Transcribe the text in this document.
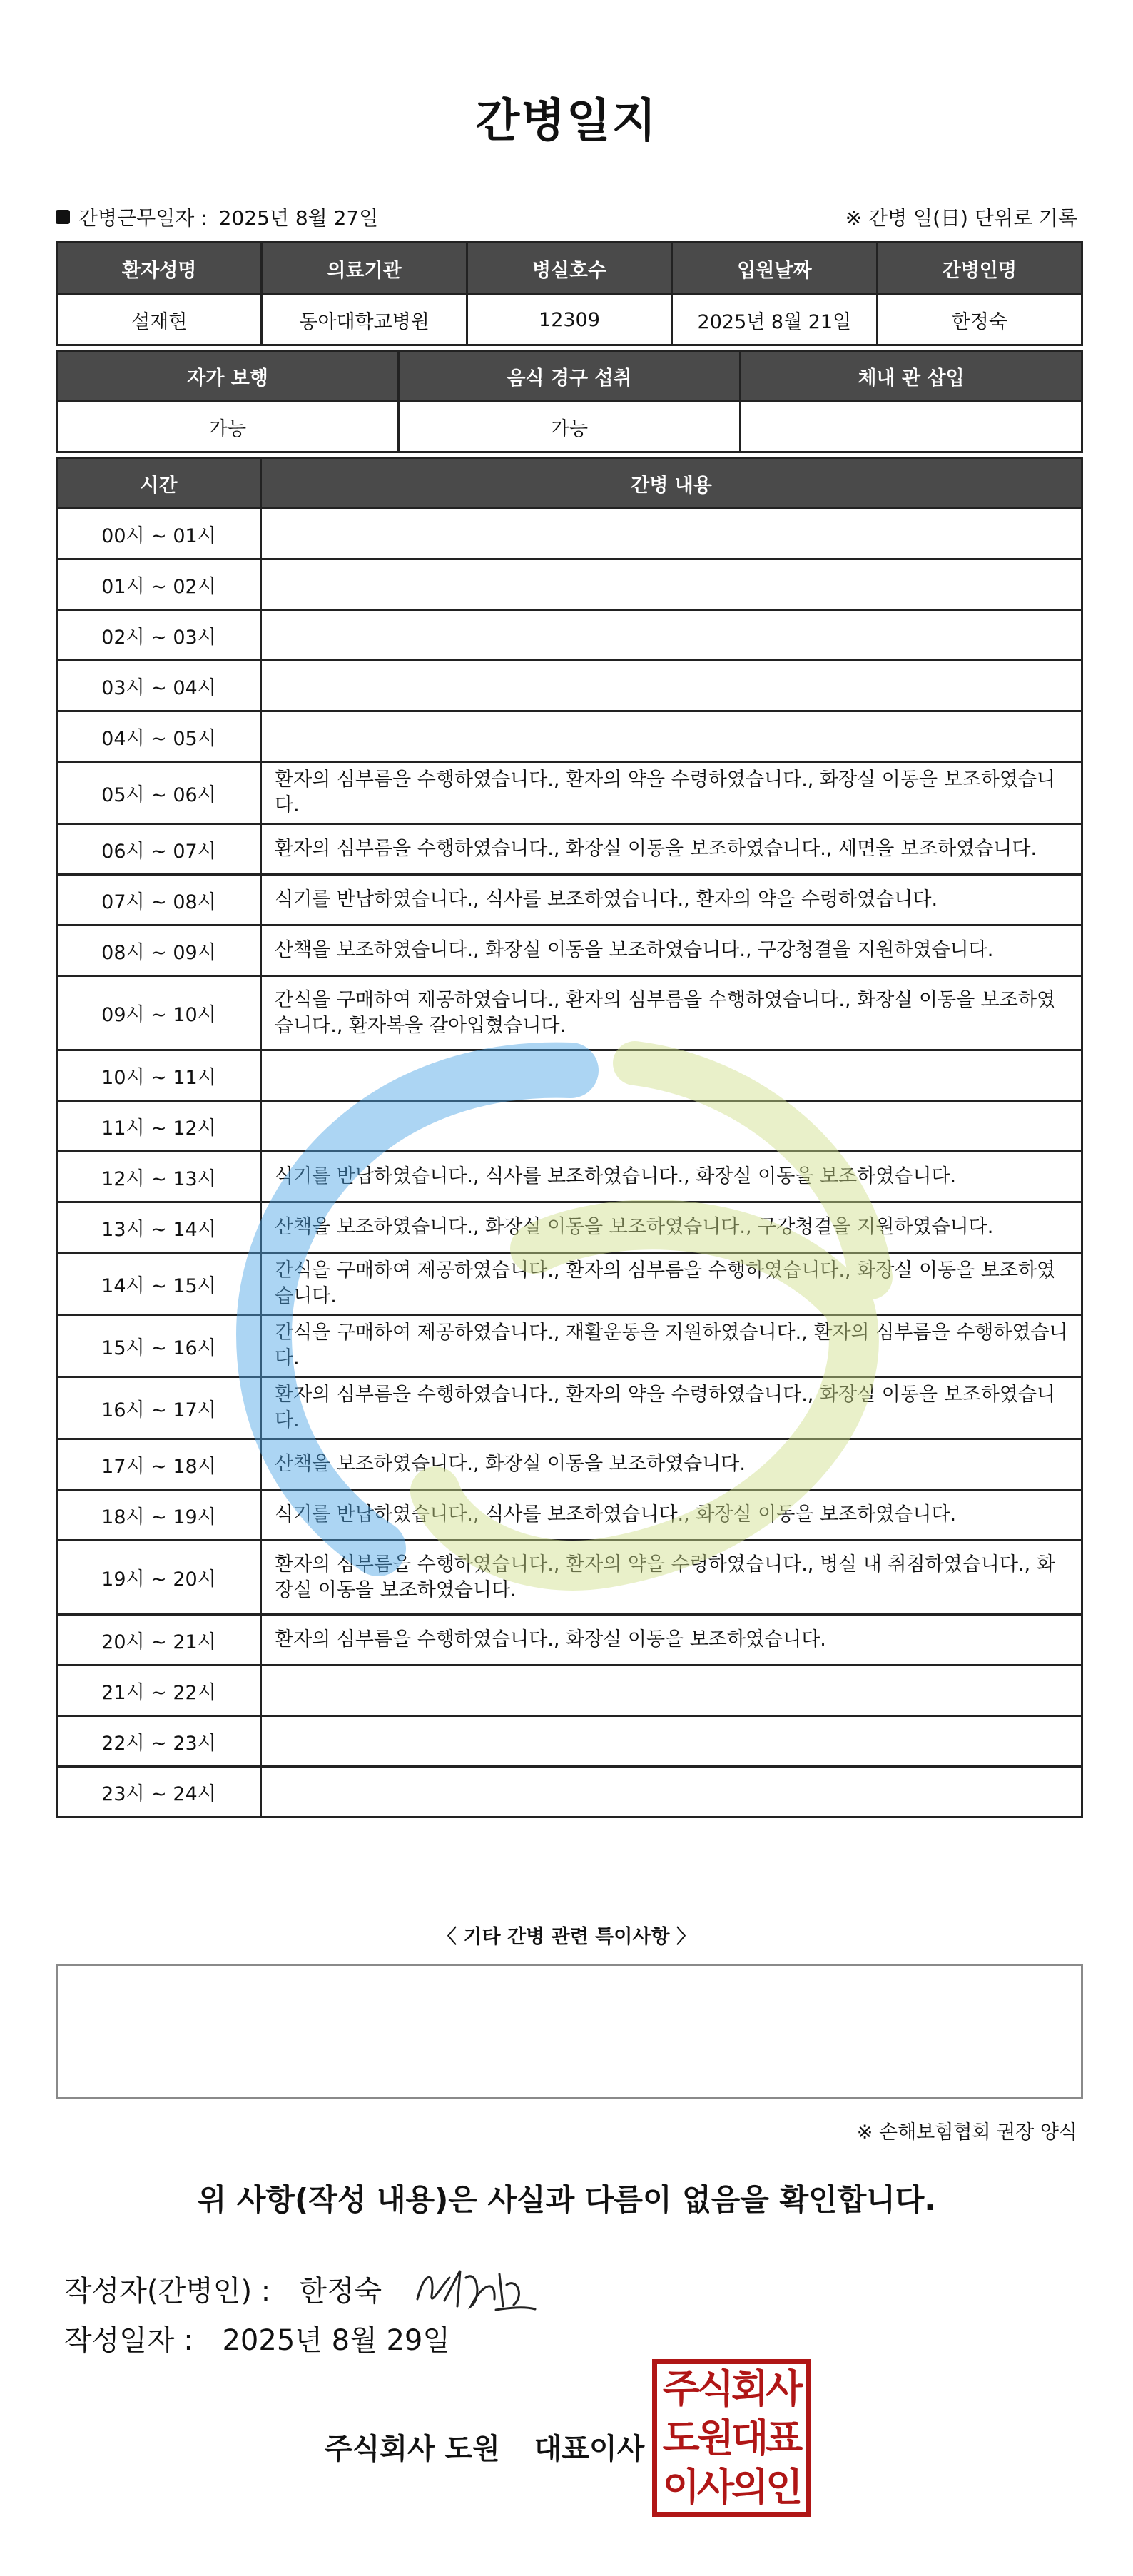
간병일지
간병근무일자 : 2025년 8월 27일	※ 간병 일(日) 단위로 기록
환자성명	의료기관	병실호수	입원날짜	간병인명
설재현	동아대학교병원	12309	2025년 8월 21일	한정숙
자가 보행	음식 경구 섭취	체내 관 삽입
가능	가능	
시간	간병 내용
00시 ~ 01시	
01시 ~ 02시	
02시 ~ 03시	
03시 ~ 04시	
04시 ~ 05시	
05시 ~ 06시	환자의 심부름을 수행하였습니다., 환자의 약을 수령하였습니다., 화장실 이동을 보조하였습니다.
06시 ~ 07시	환자의 심부름을 수행하였습니다., 화장실 이동을 보조하였습니다., 세면을 보조하였습니다.
07시 ~ 08시	식기를 반납하였습니다., 식사를 보조하였습니다., 환자의 약을 수령하였습니다.
08시 ~ 09시	산책을 보조하였습니다., 화장실 이동을 보조하였습니다., 구강청결을 지원하였습니다.
09시 ~ 10시	간식을 구매하여 제공하였습니다., 환자의 심부름을 수행하였습니다., 화장실 이동을 보조하였습니다., 환자복을 갈아입혔습니다.
10시 ~ 11시	
11시 ~ 12시	
12시 ~ 13시	식기를 반납하였습니다., 식사를 보조하였습니다., 화장실 이동을 보조하였습니다.
13시 ~ 14시	산책을 보조하였습니다., 화장실 이동을 보조하였습니다., 구강청결을 지원하였습니다.
14시 ~ 15시	간식을 구매하여 제공하였습니다., 환자의 심부름을 수행하였습니다., 화장실 이동을 보조하였습니다.
15시 ~ 16시	간식을 구매하여 제공하였습니다., 재활운동을 지원하였습니다., 환자의 심부름을 수행하였습니다.
16시 ~ 17시	환자의 심부름을 수행하였습니다., 환자의 약을 수령하였습니다., 화장실 이동을 보조하였습니다.
17시 ~ 18시	산책을 보조하였습니다., 화장실 이동을 보조하였습니다.
18시 ~ 19시	식기를 반납하였습니다., 식사를 보조하였습니다., 화장실 이동을 보조하였습니다.
19시 ~ 20시	환자의 심부름을 수행하였습니다., 환자의 약을 수령하였습니다., 병실 내 취침하였습니다., 화장실 이동을 보조하였습니다.
20시 ~ 21시	환자의 심부름을 수행하였습니다., 화장실 이동을 보조하였습니다.
21시 ~ 22시	
22시 ~ 23시	
23시 ~ 24시	
〈 기타 간병 관련 특이사항 〉
※ 손해보험협회 권장 양식
위 사항(작성 내용)은 사실과 다름이 없음을 확인합니다.
작성자(간병인) : 한정숙
작성일자 : 2025년 8월 29일
주식회사 도원 대표이사
주식회사
도원대표
이사의인
